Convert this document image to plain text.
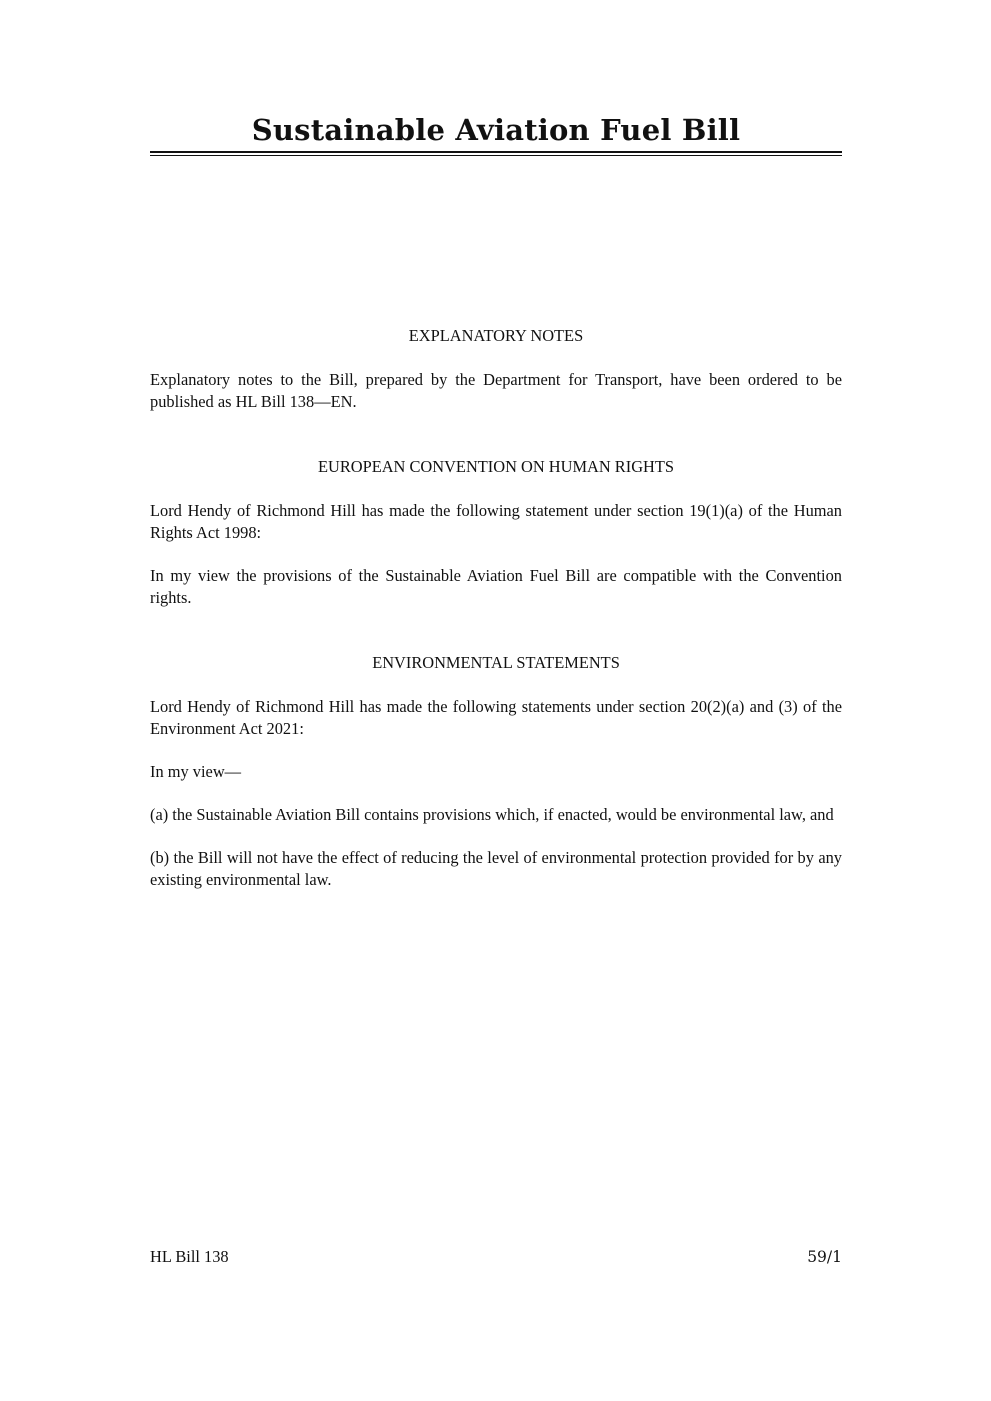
Sustainable Aviation Fuel Bill
EXPLANATORY NOTES

Explanatory notes to the Bill, prepared by the Department for Transport, have been ordered to be published as HL Bill 138—EN.

EUROPEAN CONVENTION ON HUMAN RIGHTS

Lord Hendy of Richmond Hill has made the following statement under section 19(1)(a) of the Human Rights Act 1998:

In my view the provisions of the Sustainable Aviation Fuel Bill are compatible with the Convention rights.

ENVIRONMENTAL STATEMENTS

Lord Hendy of Richmond Hill has made the following statements under section 20(2)(a) and (3) of the Environment Act 2021:

In my view—

(a) the Sustainable Aviation Bill contains provisions which, if enacted, would be environmental law, and

(b) the Bill will not have the effect of reducing the level of environmental protection provided for by any existing environmental law.

HL Bill 138	59/1
